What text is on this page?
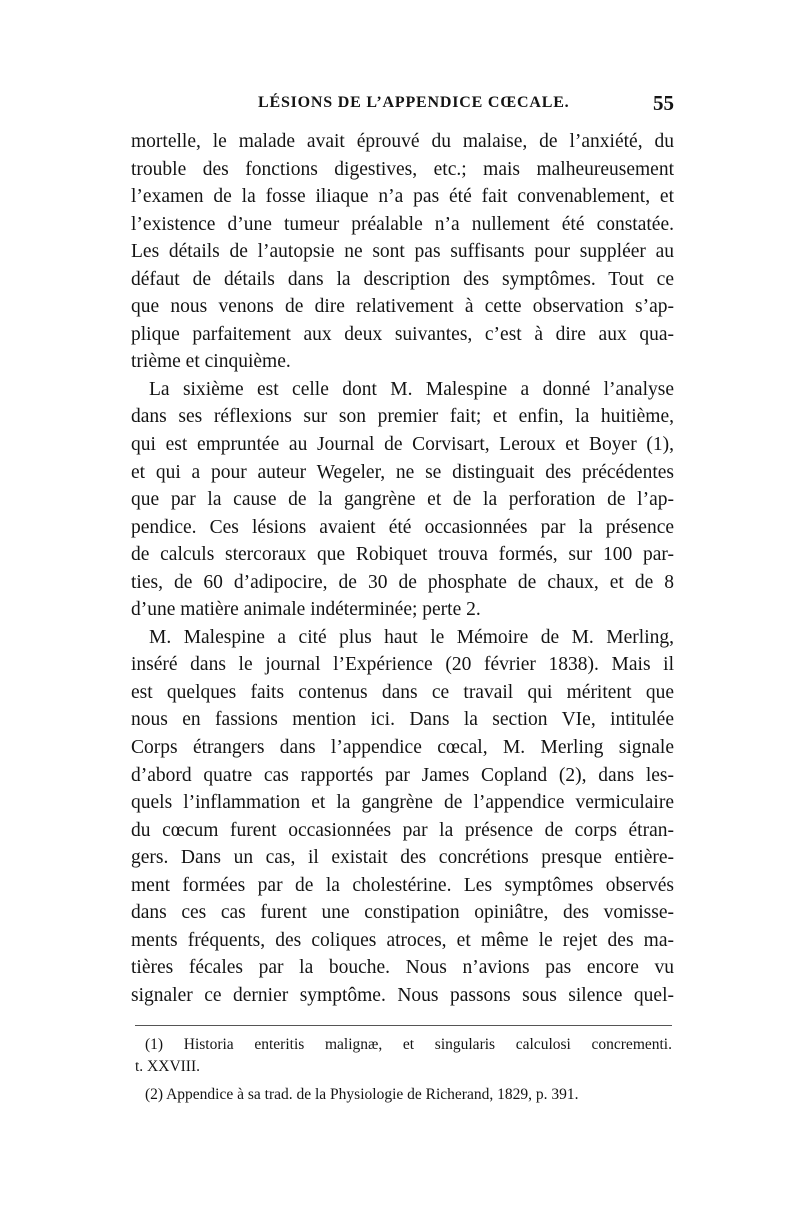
LÉSIONS DE L’APPENDICE CŒCALE.	55
mortelle, le malade avait éprouvé du malaise, de l’anxiété, du
trouble des fonctions digestives, etc.; mais malheureusement
l’examen de la fosse iliaque n’a pas été fait convenablement, et
l’existence d’une tumeur préalable n’a nullement été constatée.
Les détails de l’autopsie ne sont pas suffisants pour suppléer au
défaut de détails dans la description des symptômes. Tout ce
que nous venons de dire relativement à cette observation s’ap-
plique parfaitement aux deux suivantes, c’est à dire aux qua-
trième et cinquième.
La sixième est celle dont M. Malespine a donné l’analyse
dans ses réflexions sur son premier fait; et enfin, la huitième,
qui est empruntée au Journal de Corvisart, Leroux et Boyer (1),
et qui a pour auteur Wegeler, ne se distinguait des précédentes
que par la cause de la gangrène et de la perforation de l’ap-
pendice. Ces lésions avaient été occasionnées par la présence
de calculs stercoraux que Robiquet trouva formés, sur 100 par-
ties, de 60 d’adipocire, de 30 de phosphate de chaux, et de 8
d’une matière animale indéterminée; perte 2.
M. Malespine a cité plus haut le Mémoire de M. Merling,
inséré dans le journal l’Expérience (20 février 1838). Mais il
est quelques faits contenus dans ce travail qui méritent que
nous en fassions mention ici. Dans la section VIe, intitulée
Corps étrangers dans l’appendice cœcal, M. Merling signale
d’abord quatre cas rapportés par James Copland (2), dans les-
quels l’inflammation et la gangrène de l’appendice vermiculaire
du cœcum furent occasionnées par la présence de corps étran-
gers. Dans un cas, il existait des concrétions presque entière-
ment formées par de la cholestérine. Les symptômes observés
dans ces cas furent une constipation opiniâtre, des vomisse-
ments fréquents, des coliques atroces, et même le rejet des ma-
tières fécales par la bouche. Nous n’avions pas encore vu
signaler ce dernier symptôme. Nous passons sous silence quel-
(1) Historia enteritis malignæ, et singularis calculosi concrementi.
t. XXVIII.
(2) Appendice à sa trad. de la Physiologie de Richerand, 1829, p. 391.
